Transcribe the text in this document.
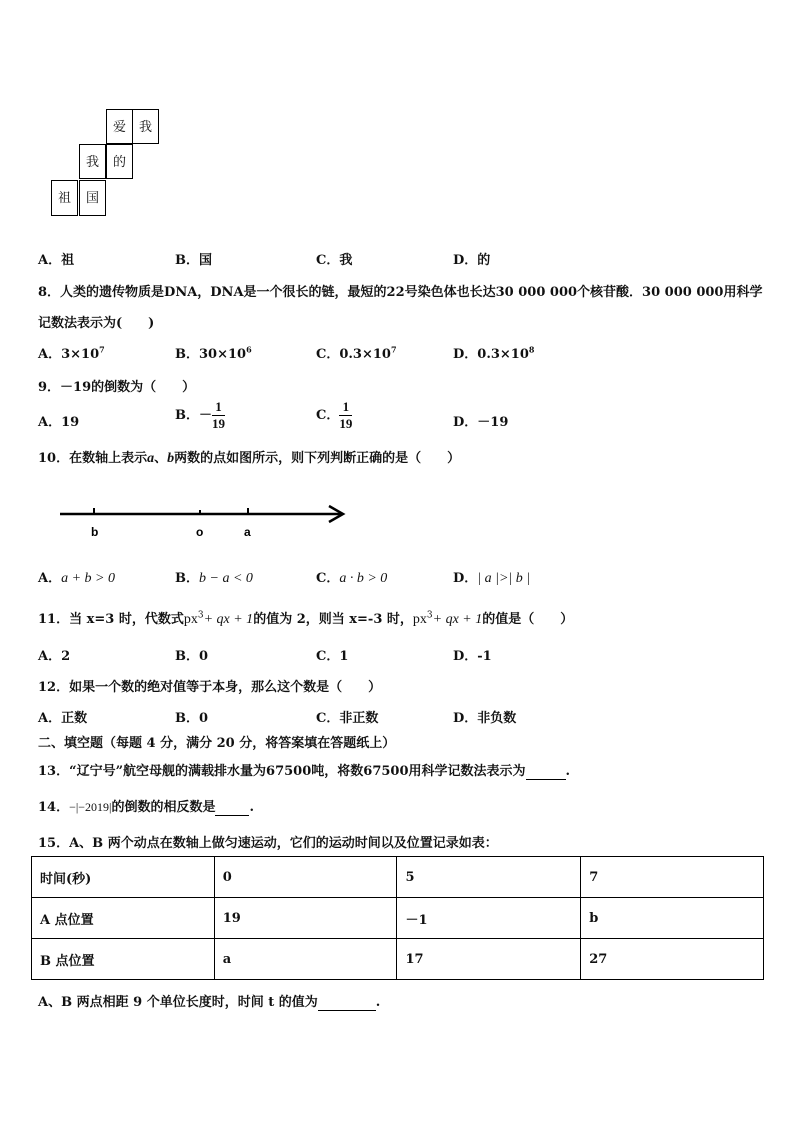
爱 我
我	的
祖	国
A．祖	B．国	C．我	D．的
8．人类的遗传物质是DNA，DNA是一个很长的链，最短的22号染色体也长达30 000 000个核苷酸．30 000 000用科学
记数法表示为(　　)
A．$3\times 10^7$	B．$30\times 10^6$	C．$0.3\times 10^7$	D．$0.3\times 10^8$
9．－19的倒数为（　　）
A．19	B．－ $\frac{1}{19}$	C． $\frac{1}{19}$	D．－19
10．在数轴上表示a、b两数的点如图所示，则下列判断正确的是（　　）
b	o	a
A．a + b > 0	B．b − a < 0	C．a · b > 0	D．| a |>| b |
11．当 x=3 时，代数式$px^3+$ qx + 1的值为 2，则当 x=-3 时，$px^3+$ qx + 1的值是（　　）
A．2	B．0	C．1	D．-1
12．如果一个数的绝对值等于本身，那么这个数是（　　）
A．正数	B．0	C．非正数	D．非负数
二、填空题（每题 4 分，满分 20 分，将答案填在答题纸上）
13．“辽宁号”航空母舰的满载排水量为67500吨，将数67500用科学记数法表示为	.
14．−|−2019|的倒数的相反数是	.
15．A、B 两个动点在数轴上做匀速运动，它们的运动时间以及位置记录如表：
时间(秒)	0	5	7
A 点位置	19	－1	b
B 点位置	a	17	27
A、B 两点相距 9 个单位长度时，时间 t 的值为	.
